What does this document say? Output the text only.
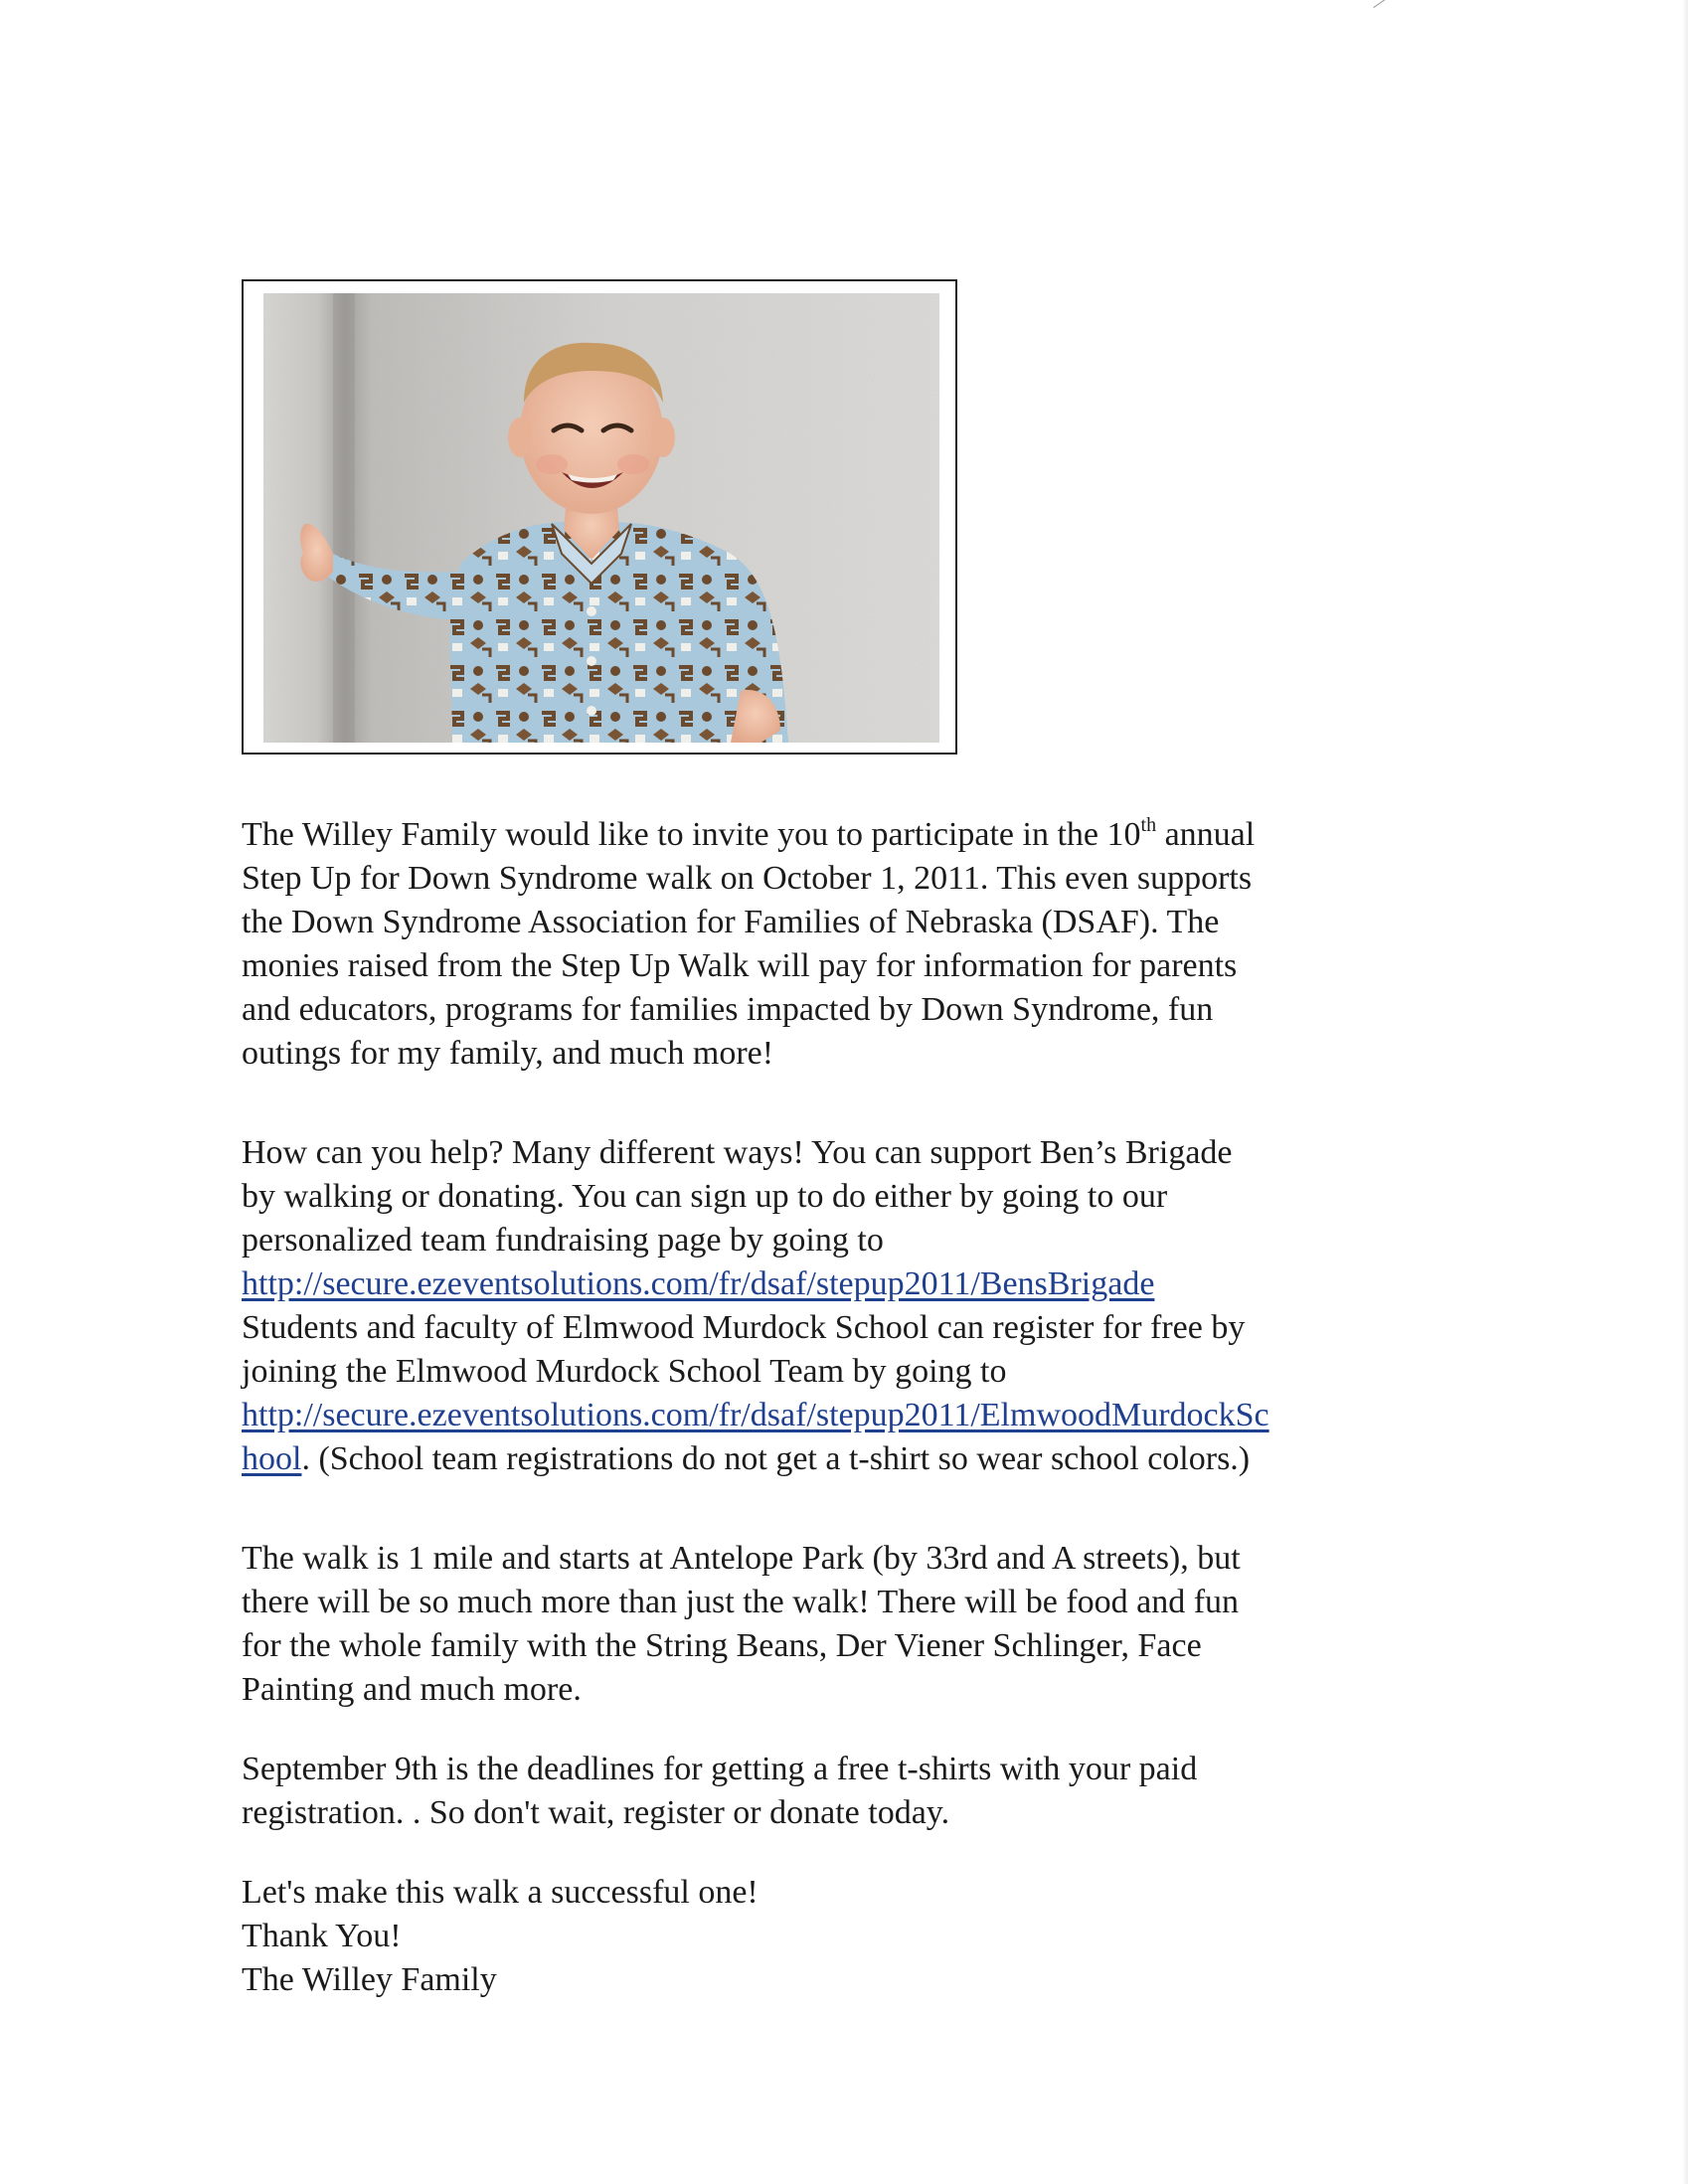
The Willey Family would like to invite you to participate in the 10th annual
Step Up for Down Syndrome walk on October 1, 2011. This even supports
the Down Syndrome Association for Families of Nebraska (DSAF). The
monies raised from the Step Up Walk will pay for information for parents
and educators, programs for families impacted by Down Syndrome, fun
outings for my family, and much more!

How can you help? Many different ways! You can support Ben’s Brigade
by walking or donating. You can sign up to do either by going to our
personalized team fundraising page by going to
http://secure.ezeventsolutions.com/fr/dsaf/stepup2011/BensBrigade
Students and faculty of Elmwood Murdock School can register for free by
joining the Elmwood Murdock School Team by going to
http://secure.ezeventsolutions.com/fr/dsaf/stepup2011/ElmwoodMurdockSc
hool. (School team registrations do not get a t-shirt so wear school colors.)

The walk is 1 mile and starts at Antelope Park (by 33rd and A streets), but
there will be so much more than just the walk! There will be food and fun
for the whole family with the String Beans, Der Viener Schlinger, Face
Painting and much more.

September 9th is the deadlines for getting a free t-shirts with your paid
registration. . So don't wait, register or donate today.

Let's make this walk a successful one!
Thank You!
The Willey Family
